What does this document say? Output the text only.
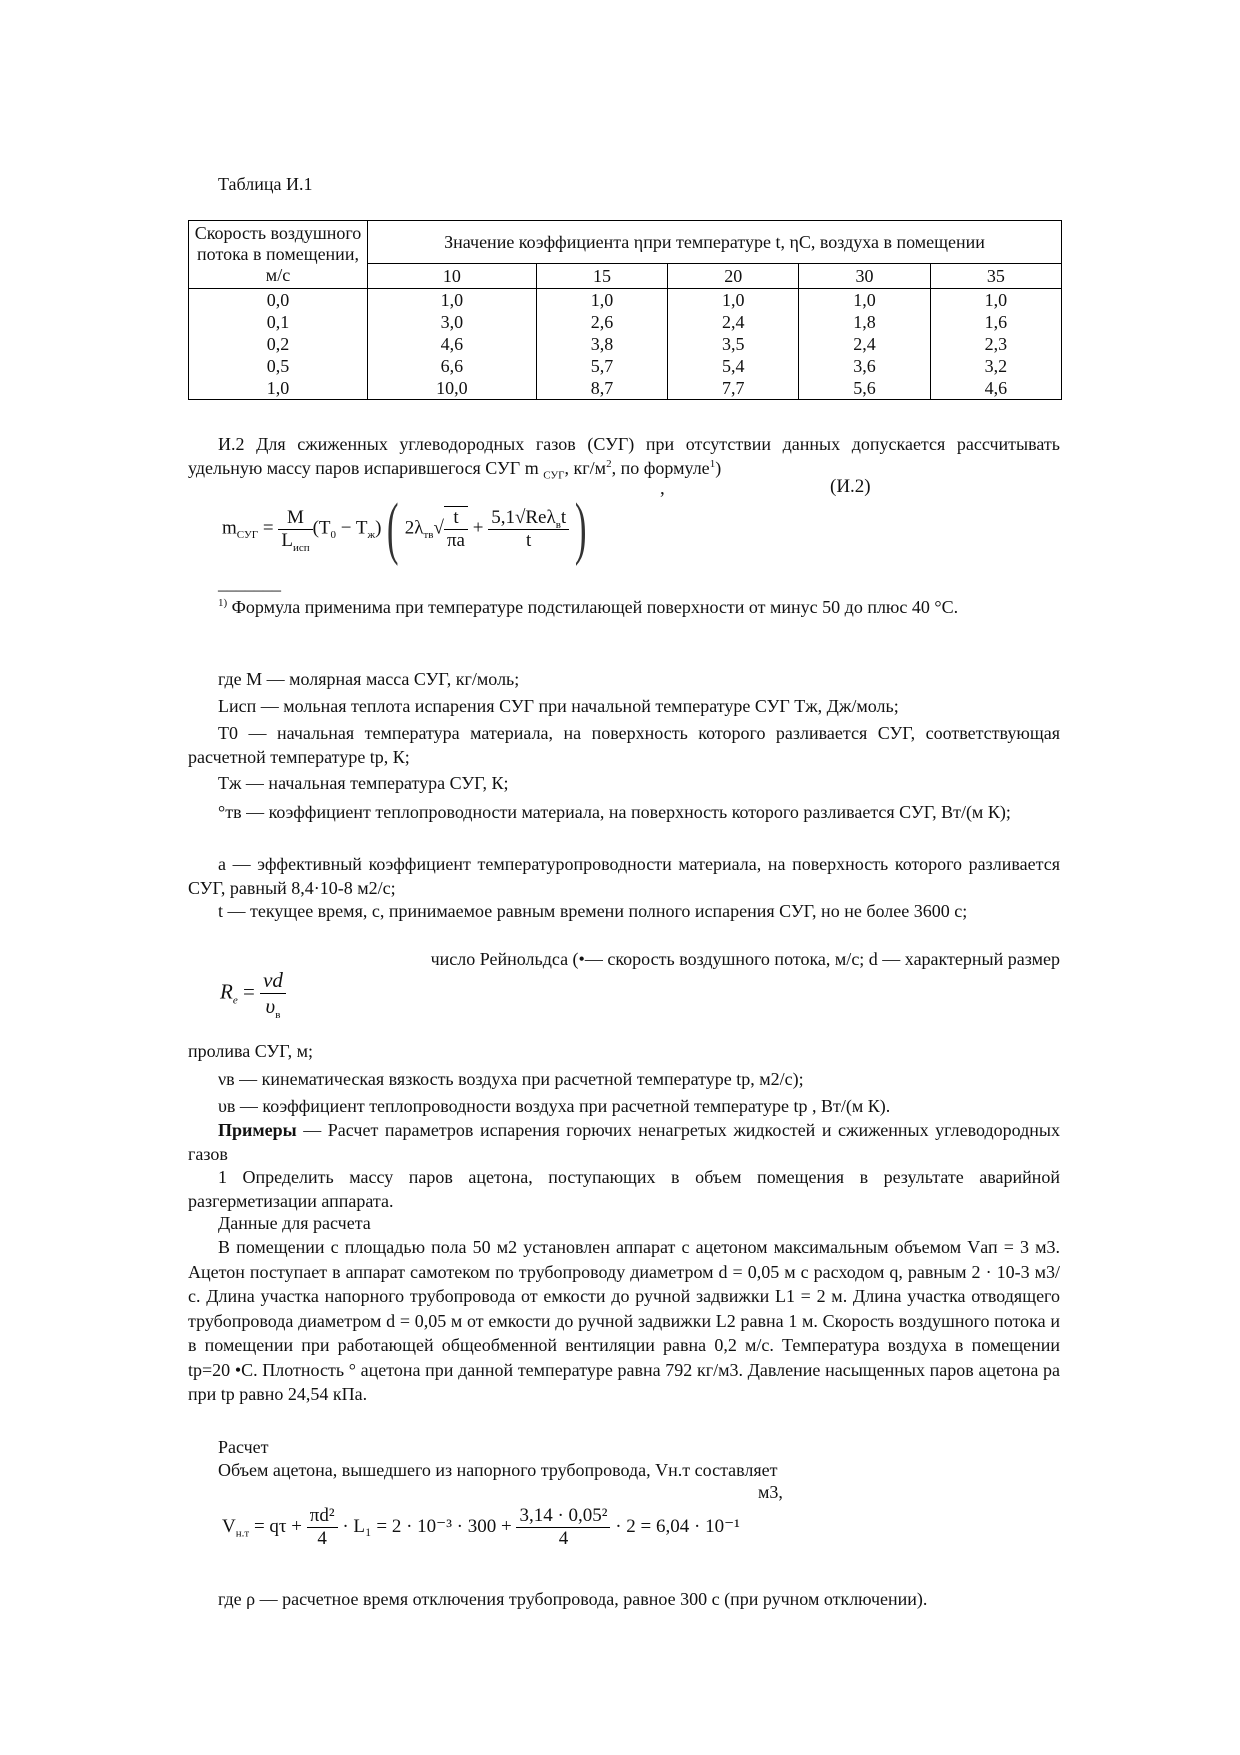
Таблица И.1
Скорость воздушного потока в помещении, м/с	Значение коэффициента ηпри температуре t, ηС, воздуха в помещении				
	10	15	20	30	35
0,0	1,0	1,0	1,0	1,0	1,0
0,1	3,0	2,6	2,4	1,8	1,6
0,2	4,6	3,8	3,5	2,4	2,3
0,5	6,6	5,7	5,4	3,6	3,2
1,0	10,0	8,7	7,7	5,6	4,6
И.2 Для сжиженных углеводородных газов (СУГ) при отсутствии данных допускается рассчитывать удельную массу паров испарившегося СУГ m $_{СУГ}$, $кг/м^2$, по формуле$^1$)
(И.2)
,
$m_{СУГ} = \frac{M}{L_{исп}} (T_0 - T_ж)$( $2\lambda_{тв}√ \frac{t}{\pi a} + \frac{5,1√Re\lambda_вt}{t}$ )
_______
$^{1)}$ Формула применима при температуре подстилающей поверхности от минус 50 до плюс 40 °С.
где M — молярная масса СУГ, кг/моль;
Lисп — мольная теплота испарения СУГ при начальной температуре СУГ Tж, Дж/моль;
T0 — начальная температура материала, на поверхность которого разливается СУГ, соответствующая расчетной температуре tр, К;
Tж — начальная температура СУГ, К;
°тв — коэффициент теплопроводности материала, на поверхность которого разливается СУГ, Вт/(м К);
a — эффективный коэффициент температуропроводности материала, на поверхность которого разливается СУГ, равный 8,4·10-8 м2/с;
t — текущее время, с, принимаемое равным времени полного испарения СУГ, но не более 3600 с;
число Рейнольдса (•— скорость воздушного потока, м/с; d — характерный размер
$R_e = \frac{vd}{\upsilon_в}$
пролива СУГ, м;
νв — кинематическая вязкость воздуха при расчетной температуре tр, м2/с);
υв — коэффициент теплопроводности воздуха при расчетной температуре tр , Вт/(м К).
Примеры — Расчет параметров испарения горючих ненагретых жидкостей и сжиженных углеводородных газов
1 Определить массу паров ацетона, поступающих в объем помещения в результате аварийной разгерметизации аппарата.
Данные для расчета
В помещении с площадью пола 50 м2 установлен аппарат с ацетоном максимальным объемом Vап = 3 м3. Ацетон поступает в аппарат самотеком по трубопроводу диаметром d = 0,05 м с расходом q, равным 2 · 10-3 м3/с. Длина участка напорного трубопровода от емкости до ручной задвижки L1 = 2 м. Длина участка отводящего трубопровода диаметром d = 0,05 м от емкости до ручной задвижки L2 равна 1 м. Скорость воздушного потока и в помещении при работающей общеобменной вентиляции равна 0,2 м/с. Температура воздуха в помещении tр=20 •С. Плотность ° ацетона при данной температуре равна 792 кг/м3. Давление насыщенных паров ацетона pа при tр равно 24,54 кПа.
Расчет
Объем ацетона, вышедшего из напорного трубопровода, Vн.т составляет
м3,
$V_{н.т} = q\tau + \frac{\text{πd²}}{4} \cdot L_1 = 2 \cdot 10^{-3} \cdot 300 + \frac{\text{3,14 · 0,05²}}{4} \cdot 2 = 6,04 \cdot 10^{-1}$
где ρ — расчетное время отключения трубопровода, равное 300 с (при ручном отключении).
